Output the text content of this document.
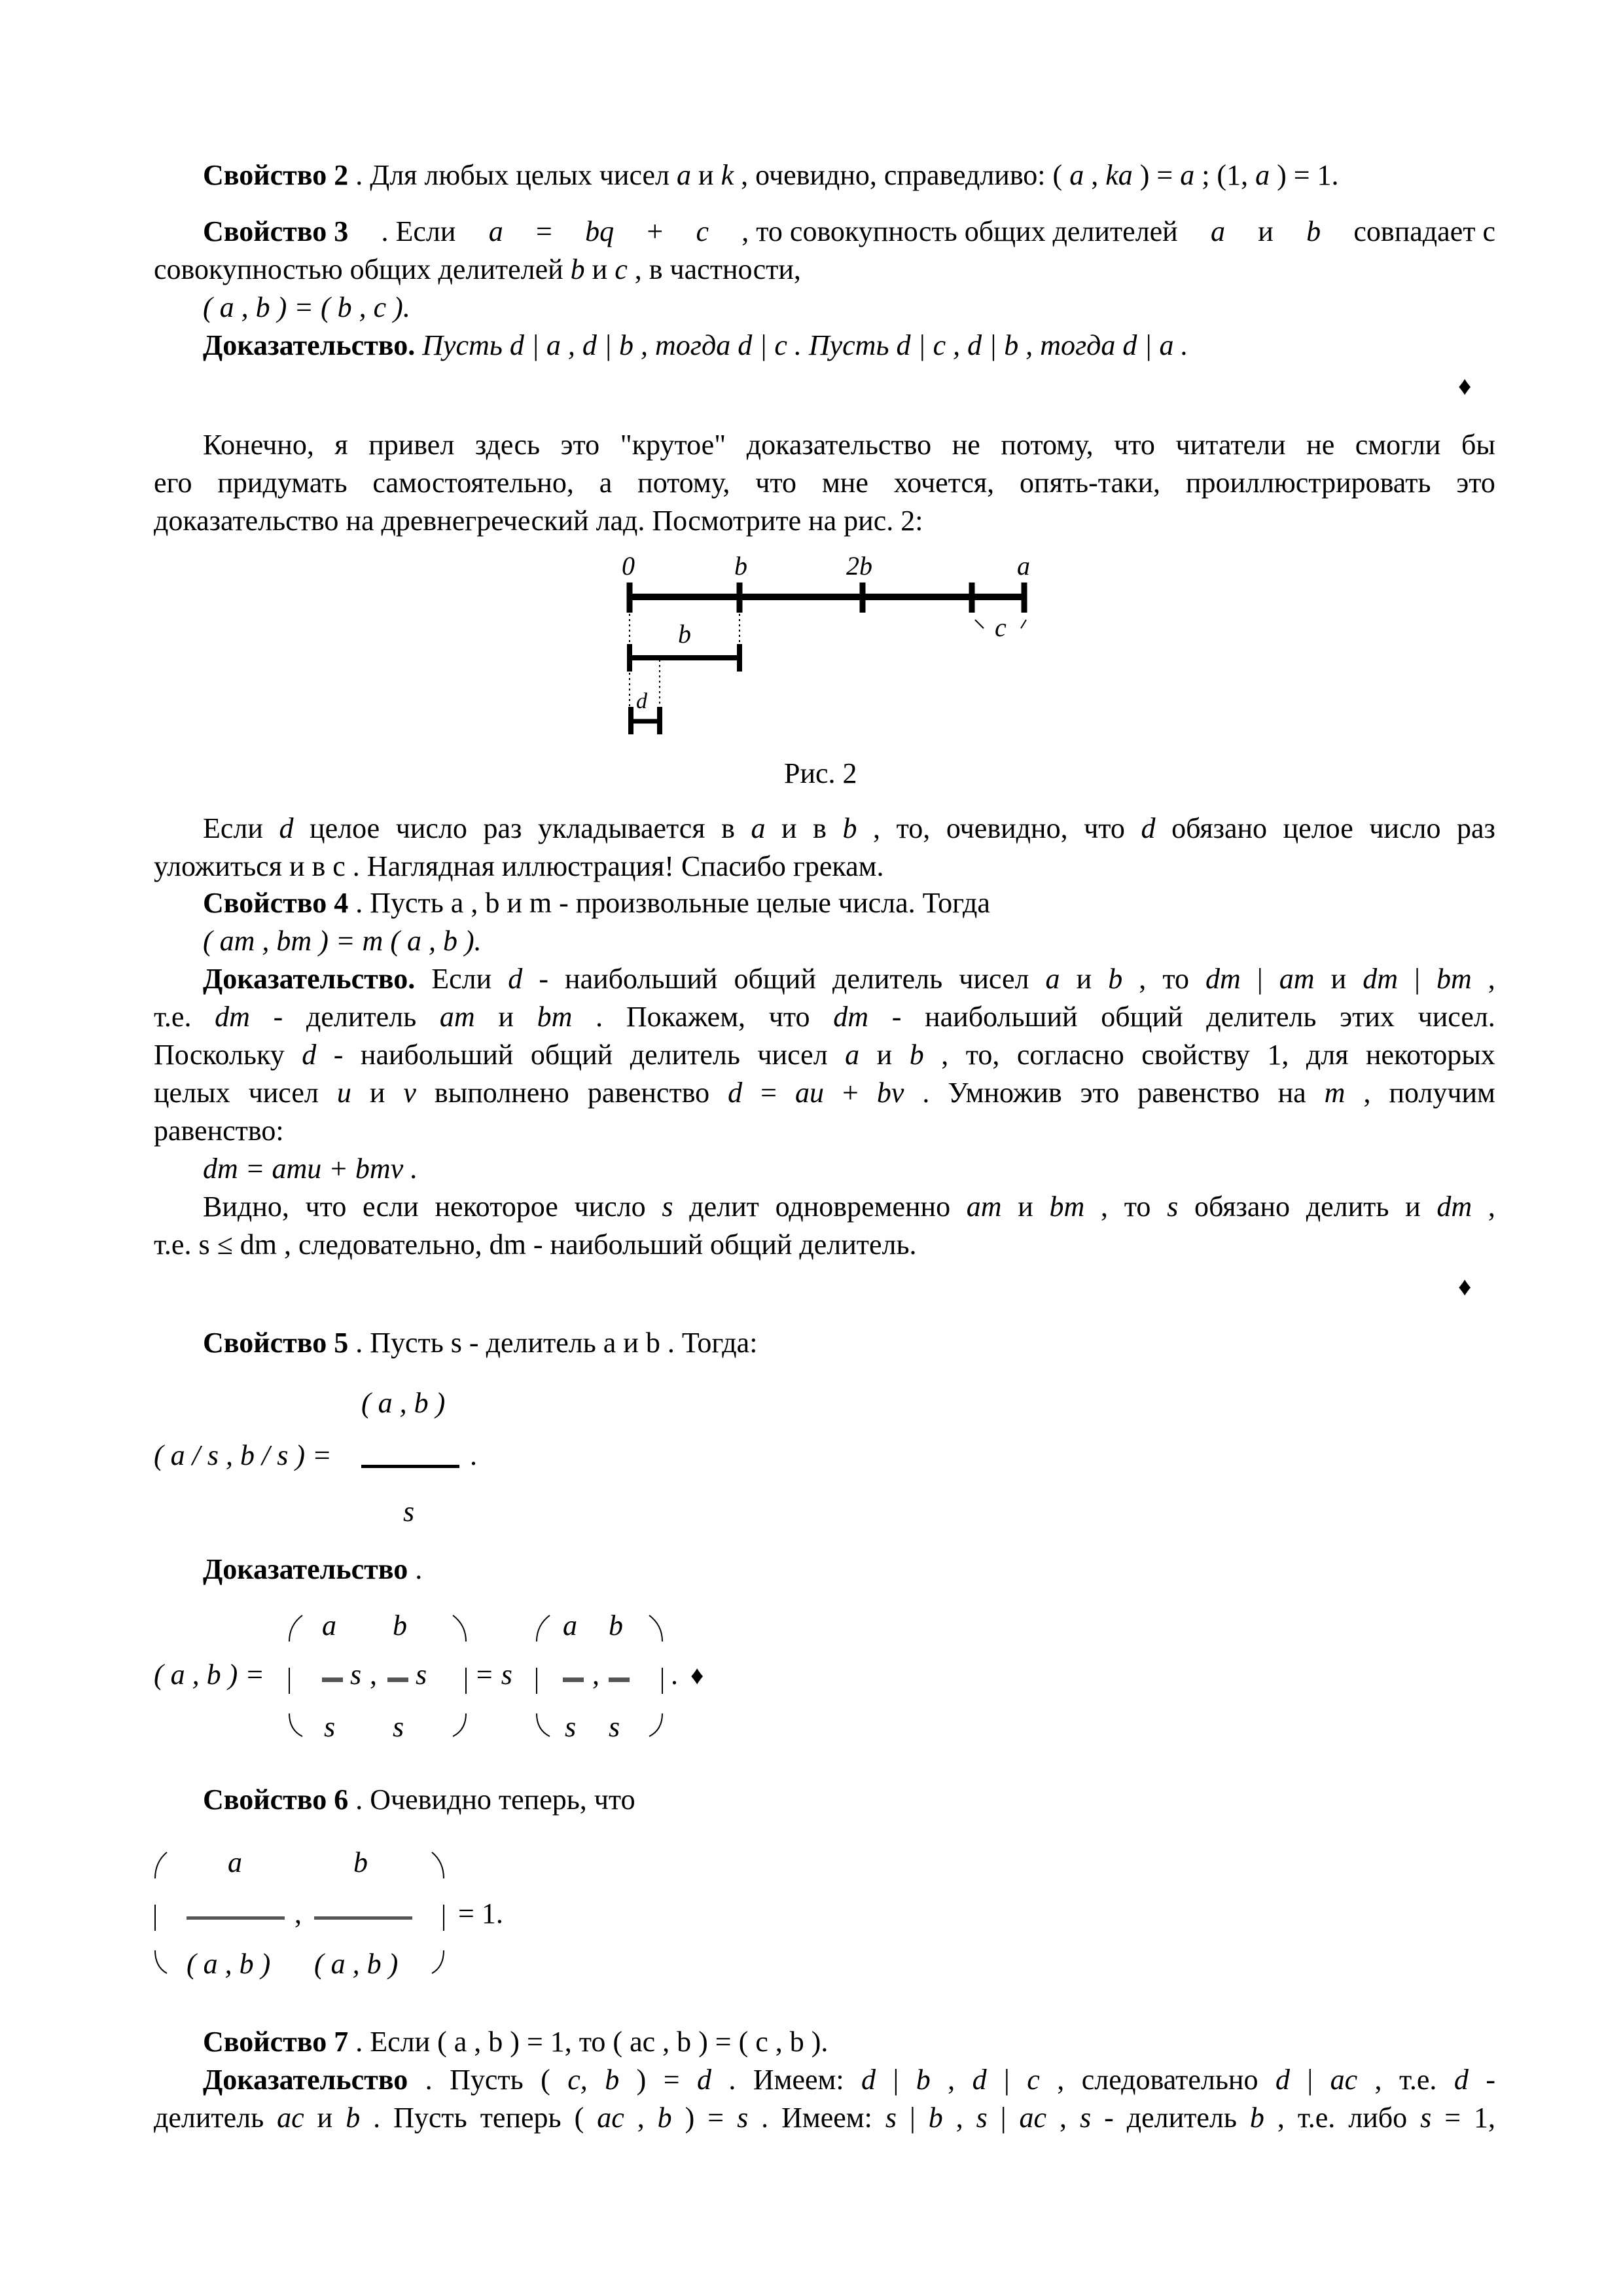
Свойство 2 . Для любых целых чисел a и k , очевидно, справедливо: ( a , ka ) = a ; (1, a ) = 1.
Свойство 3 . Если a = bq + c , то совокупность общих делителей a и b совпадает с
совокупностью общих делителей b и c , в частности,
( a , b ) = ( b , c ).
Доказательство. Пусть d | a , d | b , тогда d | c . Пусть d | c , d | b , тогда d | a .
♦
Конечно, я привел здесь это "крутое" доказательство не потому, что читатели не смогли бы
его придумать самостоятельно, а потому, что мне хочется, опять-таки, проиллюстрировать это
доказательство на древнегреческий лад. Посмотрите на рис. 2:
0	b	2b	a
c
b
d
Рис. 2
Если d целое число раз укладывается в a и в b , то, очевидно, что d обязано целое число раз
уложиться и в c . Наглядная иллюстрация! Спасибо грекам.
Свойство 4 . Пусть a , b и m - произвольные целые числа. Тогда
( am , bm ) = m ( a , b ).
Доказательство. Если d - наибольший общий делитель чисел a и b , то dm | am и dm | bm ,
т.е. dm - делитель am и bm . Покажем, что dm - наибольший общий делитель этих чисел.
Поскольку d - наибольший общий делитель чисел a и b , то, согласно свойству 1, для некоторых
целых чисел u и v выполнено равенство d = au + bv . Умножив это равенство на m , получим
равенство:
dm = amu + bmv .
Видно, что если некоторое число s делит одновременно am и bm , то s обязано делить и dm ,
т.е. s ≤ dm , следовательно, dm - наибольший общий делитель.
♦
Свойство 5 . Пусть s - делитель a и b . Тогда:
( a , b )
( a / s , b / s ) =	.
s
Доказательство .
( a , b ) =
a b
s , s
s s
= s
a b
,
s s
. ♦
Свойство 6 . Очевидно теперь, что
a	b
,
( a , b ) ( a , b )
= 1.
Свойство 7 . Если ( a , b ) = 1, то ( ac , b ) = ( c , b ).
Доказательство . Пусть ( c, b ) = d . Имеем: d | b , d | c , следовательно d | ac , т.е. d -
делитель ac и b . Пусть теперь ( ac , b ) = s . Имеем: s | b , s | ac , s - делитель b , т.е. либо s = 1,
